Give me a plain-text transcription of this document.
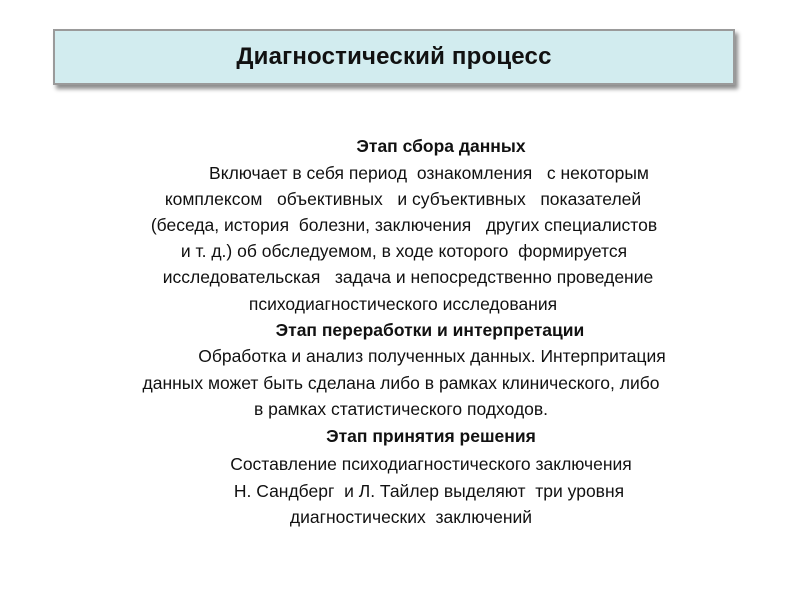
Диагностический процесс
Этап сбора данных
Включает в себя период  ознакомления   с некоторым
комплексом   объективных   и субъективных   показателей
(беседа, история  болезни, заключения   других специалистов
и т. д.) об обследуемом, в ходе которого  формируется
исследовательская   задача и непосредственно проведение
психодиагностического исследования
Этап переработки и интерпретации
Обработка и анализ полученных данных. Интерпритация
данных может быть сделана либо в рамках клинического, либо
в рамках статистического подходов.
Этап принятия решения
Составление психодиагностического заключения
Н. Сандберг  и Л. Тайлер выделяют  три уровня
диагностических  заключений
